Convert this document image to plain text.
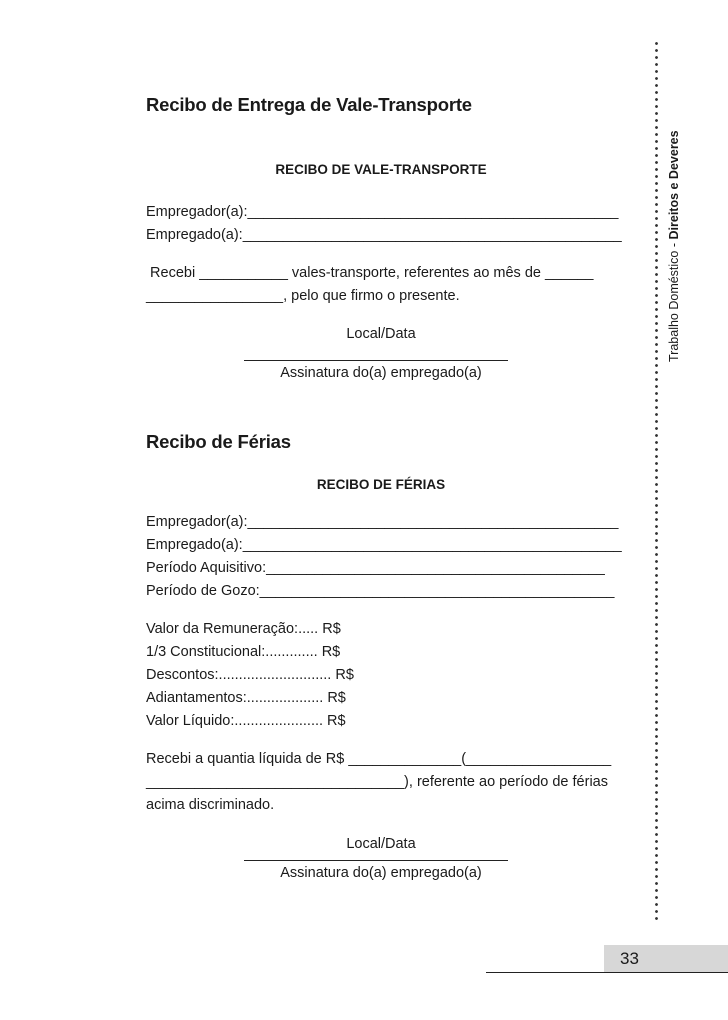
Trabalho Doméstico - Direitos e Deveres
Recibo de Entrega de Vale-Transporte
RECIBO DE VALE-TRANSPORTE
Empregador(a):______________________________________________
Empregado(a):_______________________________________________
Recebi ___________ vales-transporte, referentes ao mês de ______
_________________, pelo que firmo o presente.
Local/Data
Assinatura do(a) empregado(a)
Recibo de Férias
RECIBO DE FÉRIAS
Empregador(a):______________________________________________
Empregado(a):_______________________________________________
Período Aquisitivo:__________________________________________
Período de Gozo:____________________________________________
Valor da Remuneração:..... R$
1/3 Constitucional:............. R$
Descontos:............................ R$
Adiantamentos:................... R$
Valor Líquido:...................... R$
Recebi a quantia líquida de R$ ______________(__________________
________________________________), referente ao período de férias
acima discriminado.
Local/Data
Assinatura do(a) empregado(a)
33
